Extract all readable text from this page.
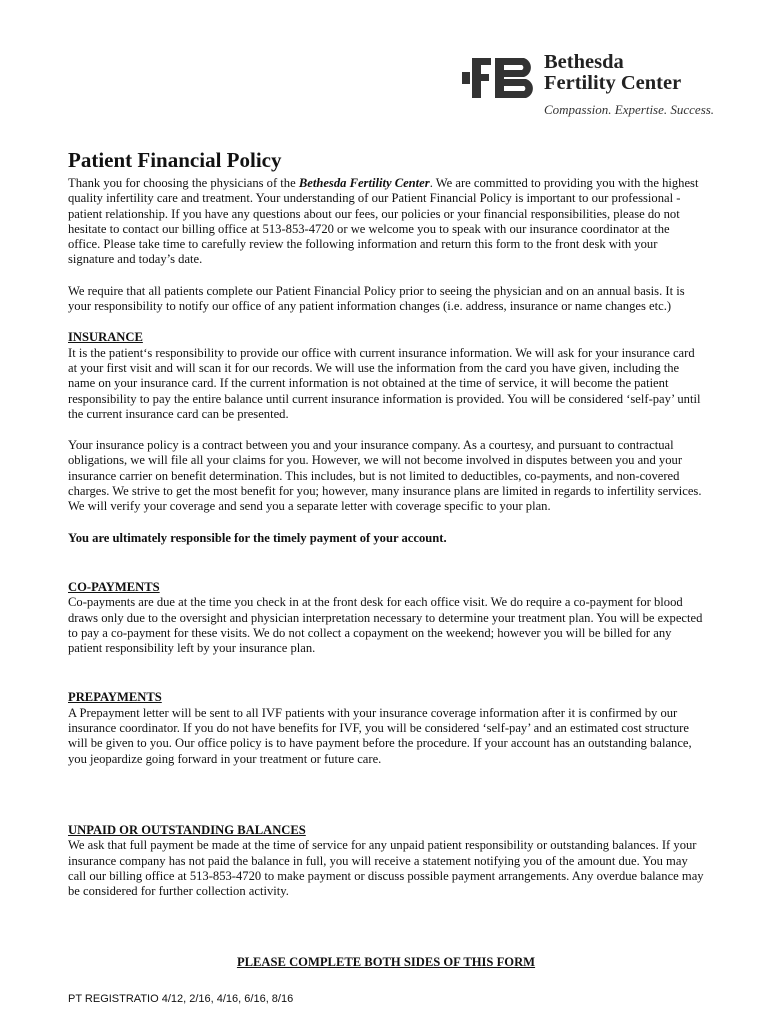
Bethesda
Fertility Center
Compassion. Expertise. Success.
Patient Financial Policy

Thank you for choosing the physicians of the Bethesda Fertility Center. We are committed to providing you with the highest quality infertility care and treatment. Your understanding of our Patient Financial Policy is important to our professional - patient relationship. If you have any questions about our fees, our policies or your financial responsibilities, please do not hesitate to contact our billing office at 513-853-4720 or we welcome you to speak with our insurance coordinator at the office. Please take time to carefully review the following information and return this form to the front desk with your signature and today’s date.

We require that all patients complete our Patient Financial Policy prior to seeing the physician and on an annual basis. It is your responsibility to notify our office of any patient information changes (i.e. address, insurance or name changes etc.)

INSURANCE

It is the patient‘s responsibility to provide our office with current insurance information. We will ask for your insurance card at your first visit and will scan it for our records. We will use the information from the card you have given, including the name on your insurance card. If the current information is not obtained at the time of service, it will become the patient responsibility to pay the entire balance until current insurance information is provided. You will be considered ‘self-pay’ until the current insurance card can be presented.

Your insurance policy is a contract between you and your insurance company. As a courtesy, and pursuant to contractual obligations, we will file all your claims for you. However, we will not become involved in disputes between you and your insurance carrier on benefit determination. This includes, but is not limited to deductibles, co-payments, and non-covered charges. We strive to get the most benefit for you; however, many insurance plans are limited in regards to infertility services. We will verify your coverage and send you a separate letter with coverage specific to your plan.

You are ultimately responsible for the timely payment of your account.

CO-PAYMENTS

Co-payments are due at the time you check in at the front desk for each office visit. We do require a co-payment for blood draws only due to the oversight and physician interpretation necessary to determine your treatment plan. You will be expected to pay a co-payment for these visits. We do not collect a copayment on the weekend; however you will be billed for any patient responsibility left by your insurance plan.

PREPAYMENTS

A Prepayment letter will be sent to all IVF patients with your insurance coverage information after it is confirmed by our insurance coordinator. If you do not have benefits for IVF, you will be considered ‘self-pay’ and an estimated cost structure will be given to you. Our office policy is to have payment before the procedure. If your account has an outstanding balance, you jeopardize going forward in your treatment or future care.

UNPAID OR OUTSTANDING BALANCES

We ask that full payment be made at the time of service for any unpaid patient responsibility or outstanding balances. If your insurance company has not paid the balance in full, you will receive a statement notifying you of the amount due. You may call our billing office at 513-853-4720 to make payment or discuss possible payment arrangements. Any overdue balance may be considered for further collection activity.

PLEASE COMPLETE BOTH SIDES OF THIS FORM
PT REGISTRATIO 4/12, 2/16, 4/16, 6/16, 8/16
